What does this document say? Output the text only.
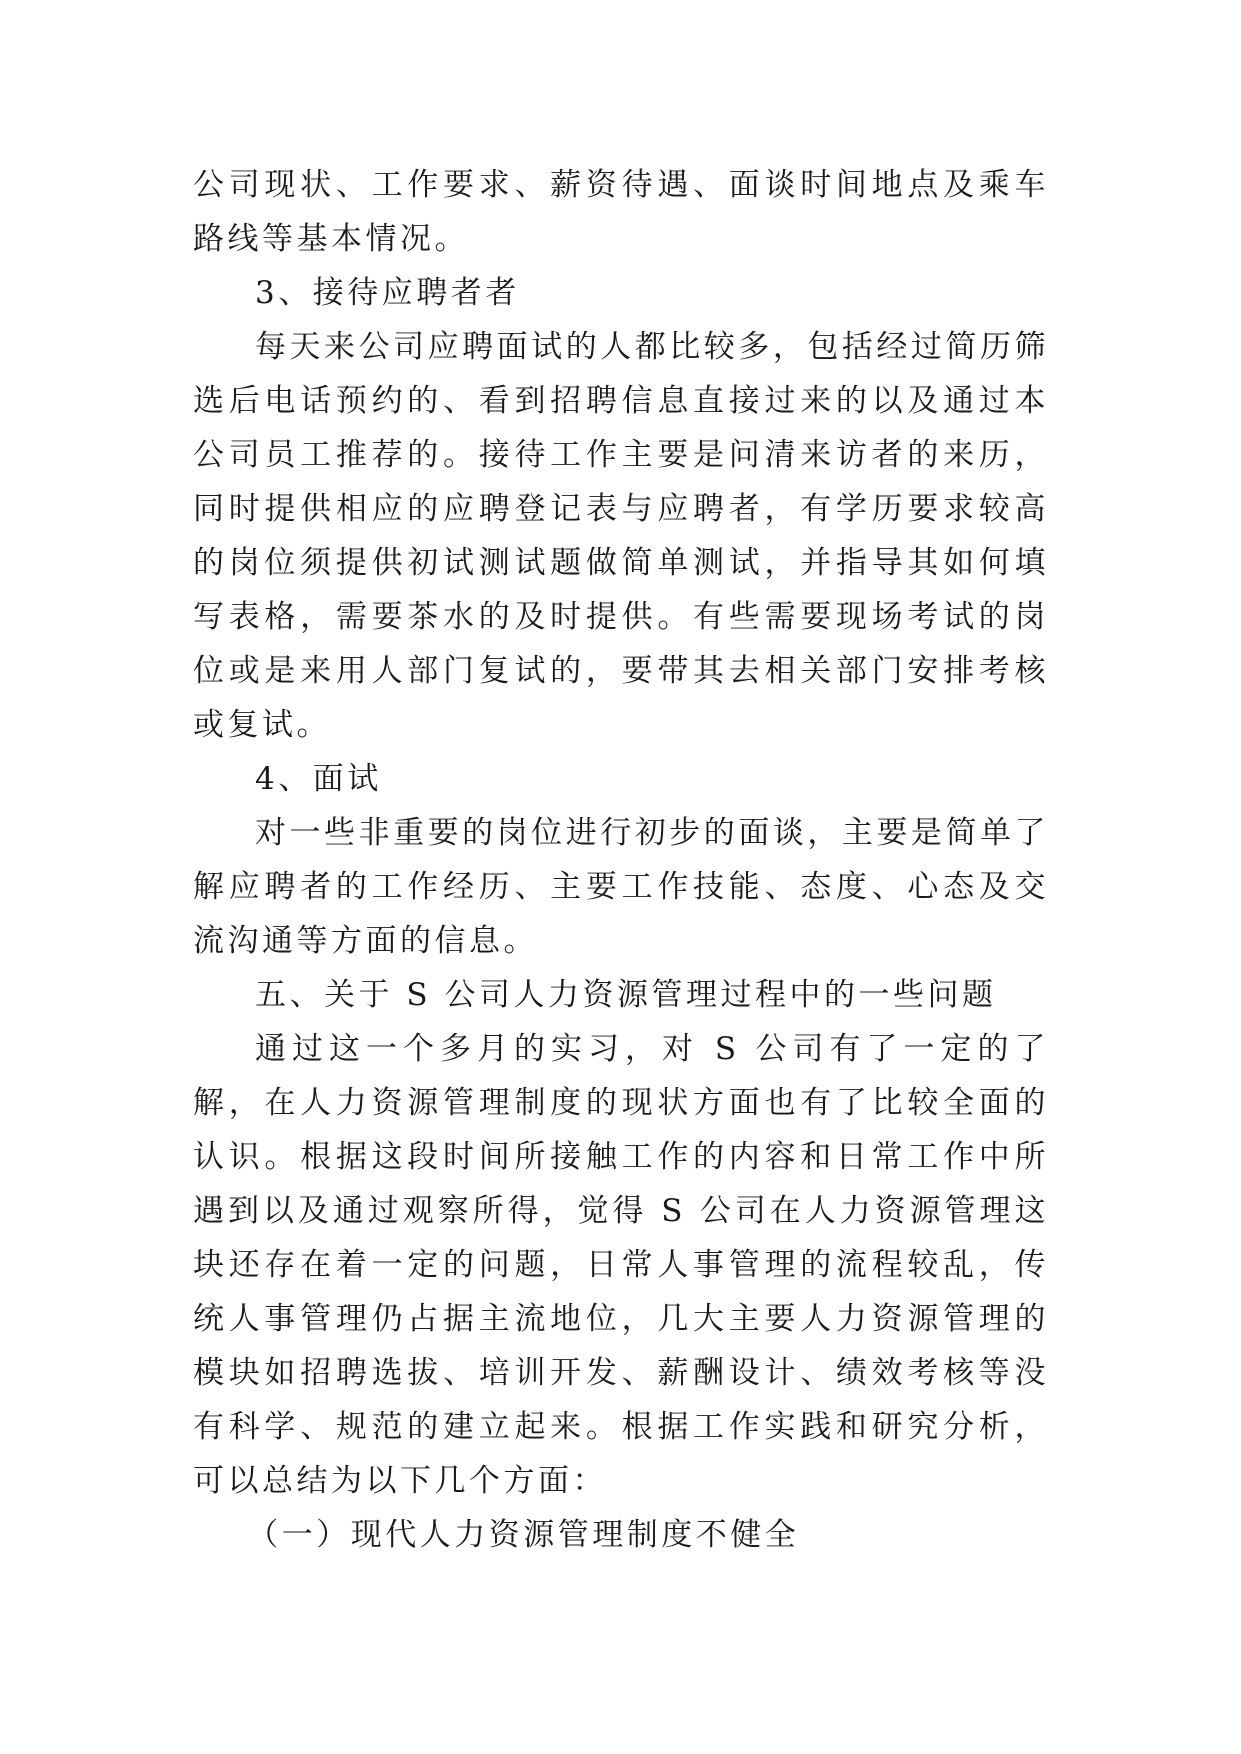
公司现状、工作要求、薪资待遇、面谈时间地点及乘车路线等基本情况。

3、接待应聘者者

每天来公司应聘面试的人都比较多，包括经过简历筛选后电话预约的、看到招聘信息直接过来的以及通过本公司员工推荐的。接待工作主要是问清来访者的来历，同时提供相应的应聘登记表与应聘者，有学历要求较高的岗位须提供初试测试题做简单测试，并指导其如何填写表格，需要茶水的及时提供。有些需要现场考试的岗位或是来用人部门复试的，要带其去相关部门安排考核或复试。

4、面试

对一些非重要的岗位进行初步的面谈，主要是简单了解应聘者的工作经历、主要工作技能、态度、心态及交流沟通等方面的信息。

五、关于 S 公司人力资源管理过程中的一些问题

通过这一个多月的实习，对 S 公司有了一定的了解，在人力资源管理制度的现状方面也有了比较全面的认识。根据这段时间所接触工作的内容和日常工作中所遇到以及通过观察所得，觉得 S 公司在人力资源管理这块还存在着一定的问题，日常人事管理的流程较乱，传统人事管理仍占据主流地位，几大主要人力资源管理的模块如招聘选拔、培训开发、薪酬设计、绩效考核等没有科学、规范的建立起来。根据工作实践和研究分析，可以总结为以下几个方面：

（一）现代人力资源管理制度不健全
